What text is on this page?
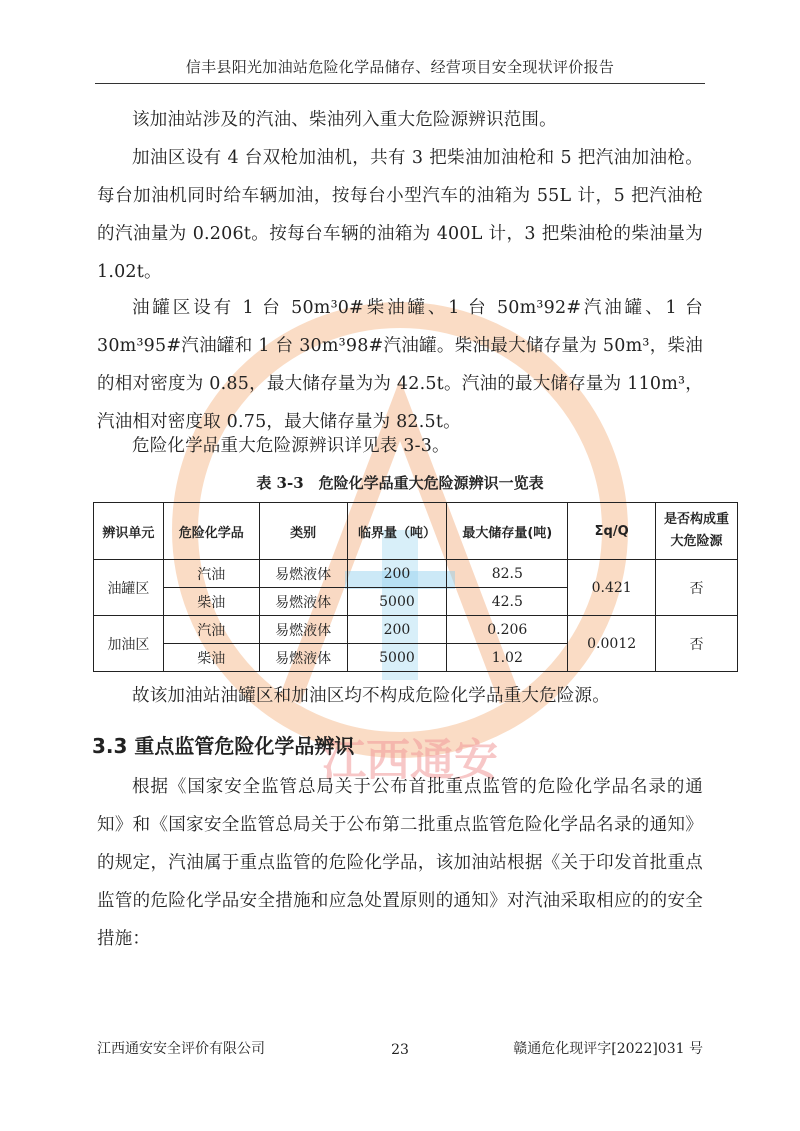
江西通安
信丰县阳光加油站危险化学品储存、经营项目安全现状评价报告
该加油站涉及的汽油、柴油列入重大危险源辨识范围。
加油区设有 4 台双枪加油机，共有 3 把柴油加油枪和 5 把汽油加油枪。每台加油机同时给车辆加油，按每台小型汽车的油箱为 55L 计，5 把汽油枪的汽油量为 0.206t。按每台车辆的油箱为 400L 计，3 把柴油枪的柴油量为 1.02t。
油罐区设有 1 台 50m³0#柴油罐、1 台 50m³92#汽油罐、1 台 30m³95#汽油罐和 1 台 30m³98#汽油罐。柴油最大储存量为 50m³，柴油的相对密度为 0.85，最大储存量为为 42.5t。汽油的最大储存量为 110m³，汽油相对密度取 0.75，最大储存量为 82.5t。
危险化学品重大危险源辨识详见表 3-3。
表 3-3　危险化学品重大危险源辨识一览表
辨识单元	危险化学品	类别	临界量（吨）	最大储存量(吨)	Σq/Q	是否构成重大危险源
油罐区	汽油	易燃液体	200	82.5	0.421	否
	柴油	易燃液体	5000	42.5		
加油区	汽油	易燃液体	200	0.206	0.0012	否
	柴油	易燃液体	5000	1.02		
故该加油站油罐区和加油区均不构成危险化学品重大危险源。
3.3 重点监管危险化学品辨识
根据《国家安全监管总局关于公布首批重点监管的危险化学品名录的通知》和《国家安全监管总局关于公布第二批重点监管危险化学品名录的通知》的规定，汽油属于重点监管的危险化学品，该加油站根据《关于印发首批重点监管的危险化学品安全措施和应急处置原则的通知》对汽油采取相应的的安全措施：
江西通安安全评价有限公司	23	赣通危化现评字[2022]031 号
